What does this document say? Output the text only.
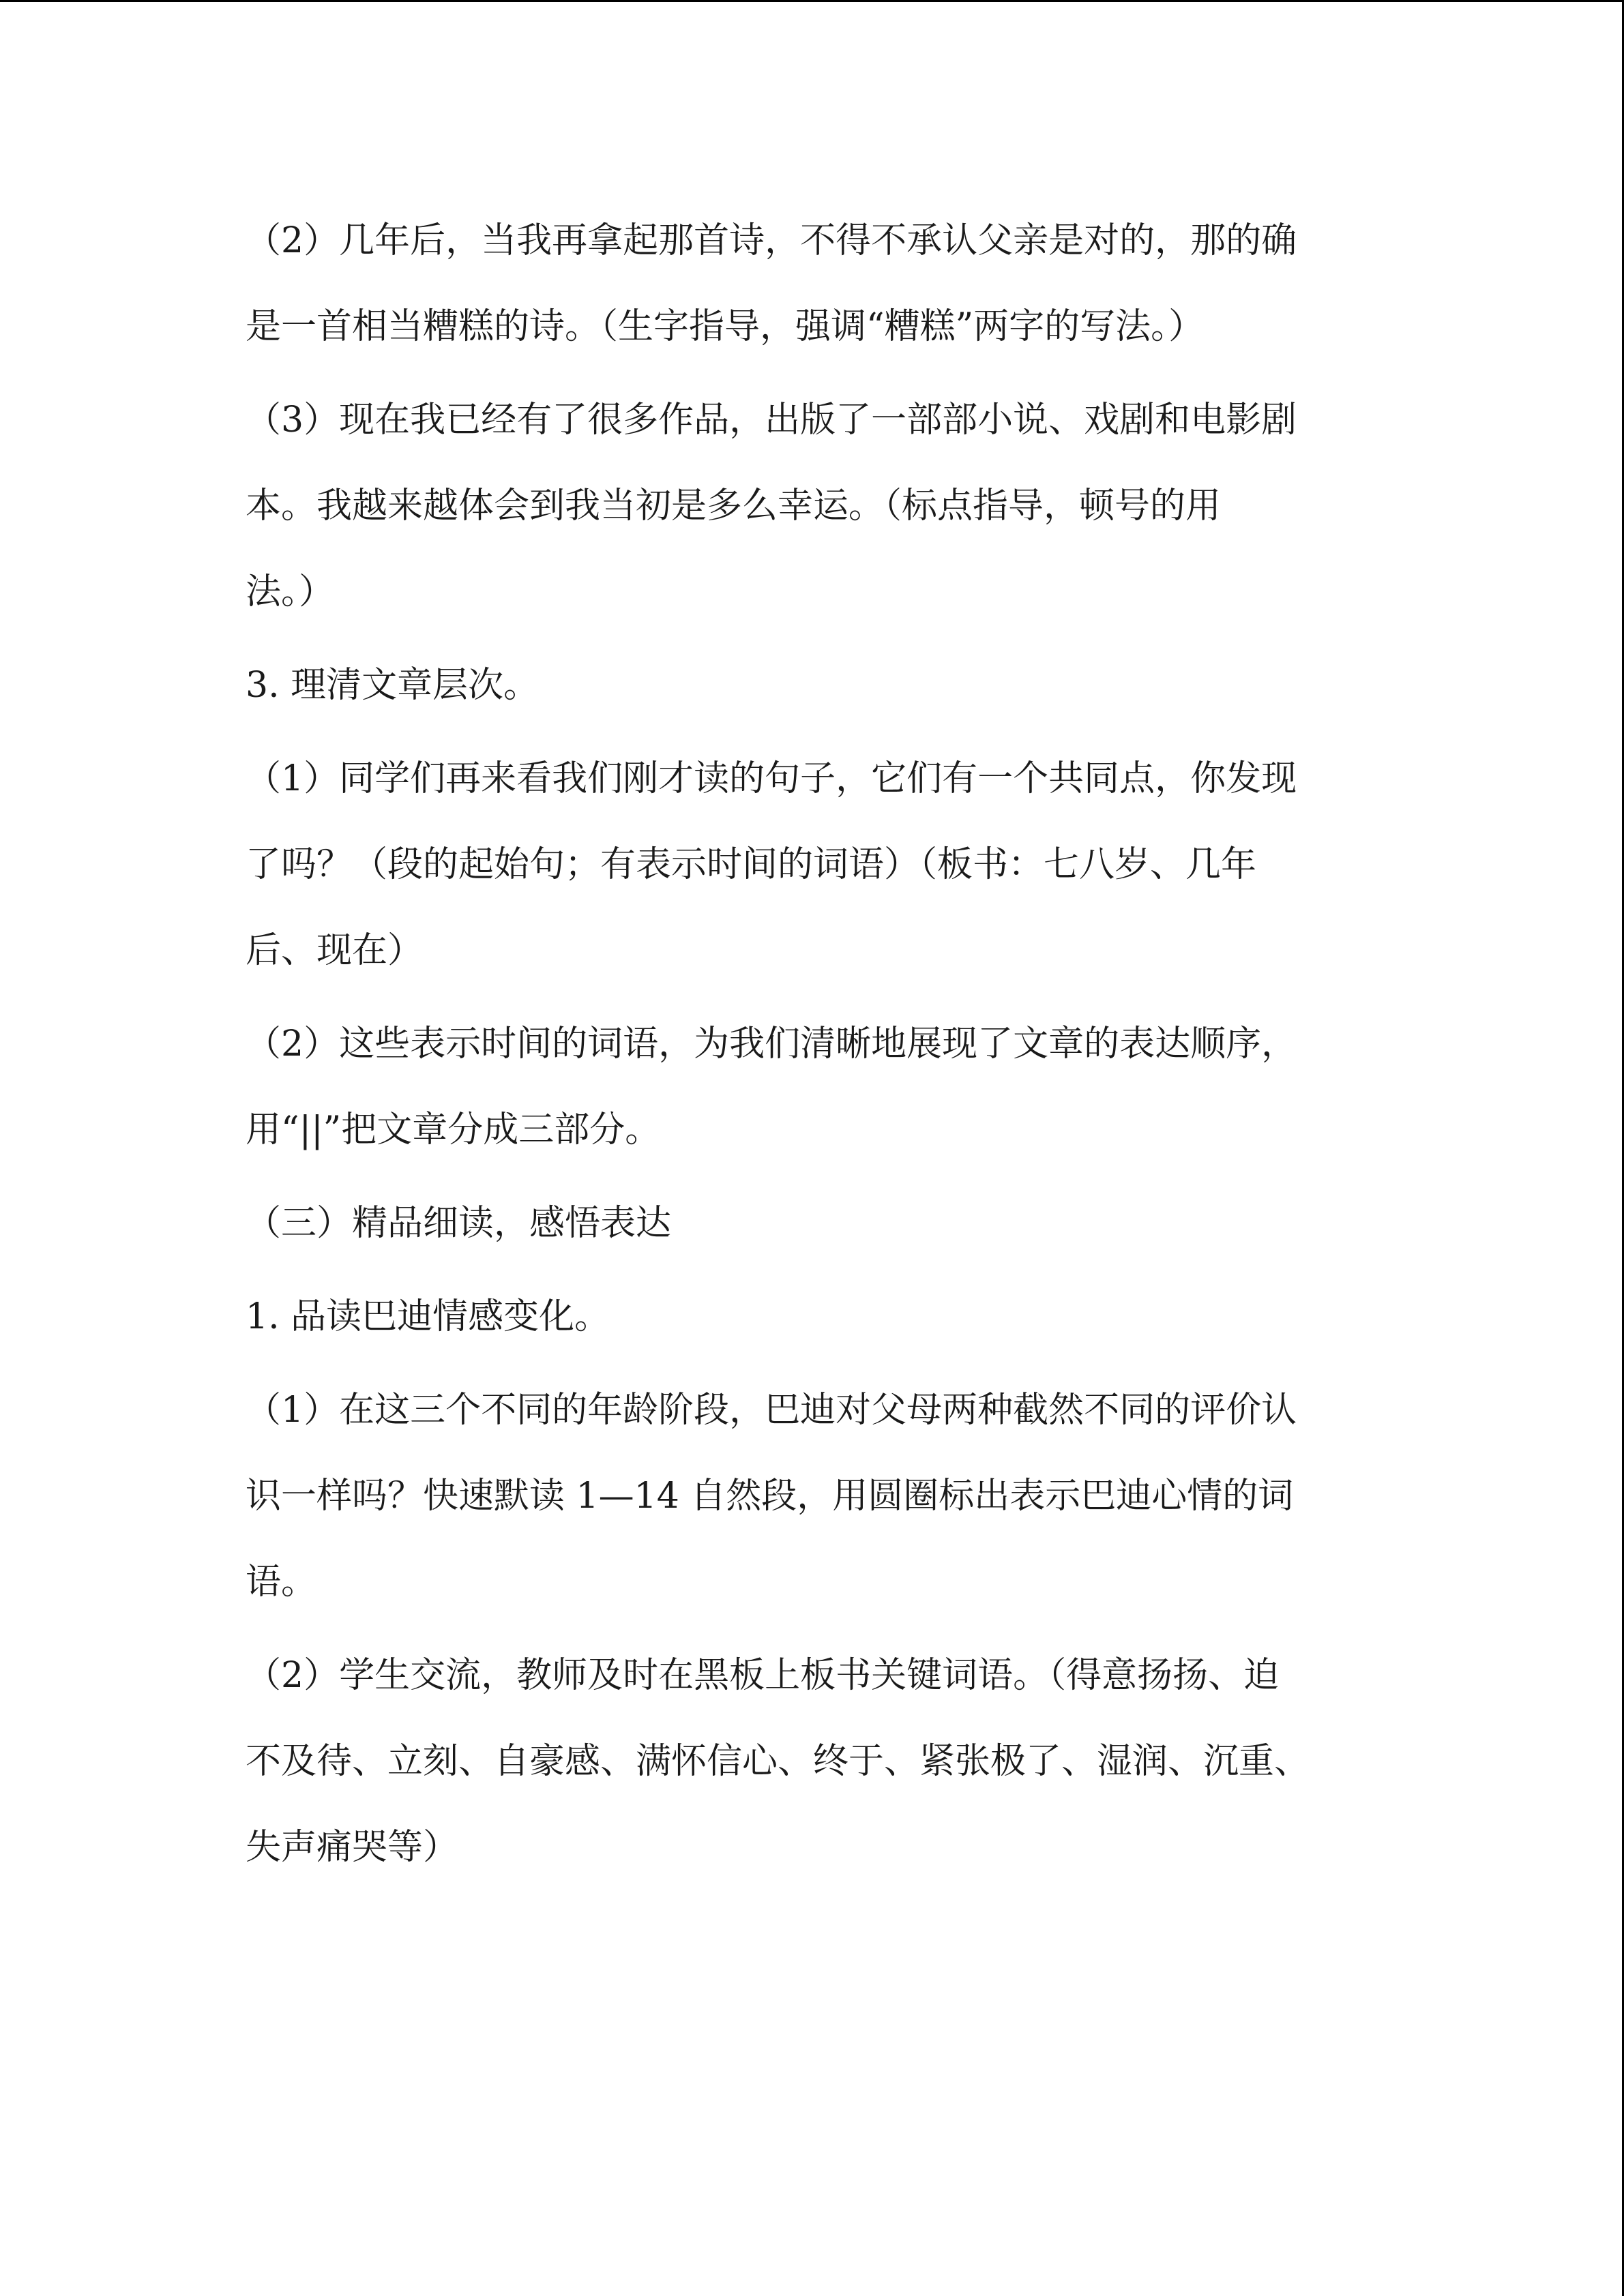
（2）几年后，当我再拿起那首诗，不得不承认父亲是对的，那的确

是一首相当糟糕的诗。（生字指导，强调“糟糕”两字的写法。）

（3）现在我已经有了很多作品，出版了一部部小说、戏剧和电影剧

本。我越来越体会到我当初是多么幸运。（标点指导，顿号的用

法。）

3. 理清文章层次。

（1）同学们再来看我们刚才读的句子，它们有一个共同点，你发现

了吗？（段的起始句；有表示时间的词语）（板书：七八岁、几年

后、现在）

（2）这些表示时间的词语，为我们清晰地展现了文章的表达顺序，

用“||”把文章分成三部分。

（三）精品细读，感悟表达

1. 品读巴迪情感变化。

（1）在这三个不同的年龄阶段，巴迪对父母两种截然不同的评价认

识一样吗？快速默读 1—14 自然段，用圆圈标出表示巴迪心情的词

语。

（2）学生交流，教师及时在黑板上板书关键词语。（得意扬扬、迫

不及待、立刻、自豪感、满怀信心、终于、紧张极了、湿润、沉重、

失声痛哭等）
